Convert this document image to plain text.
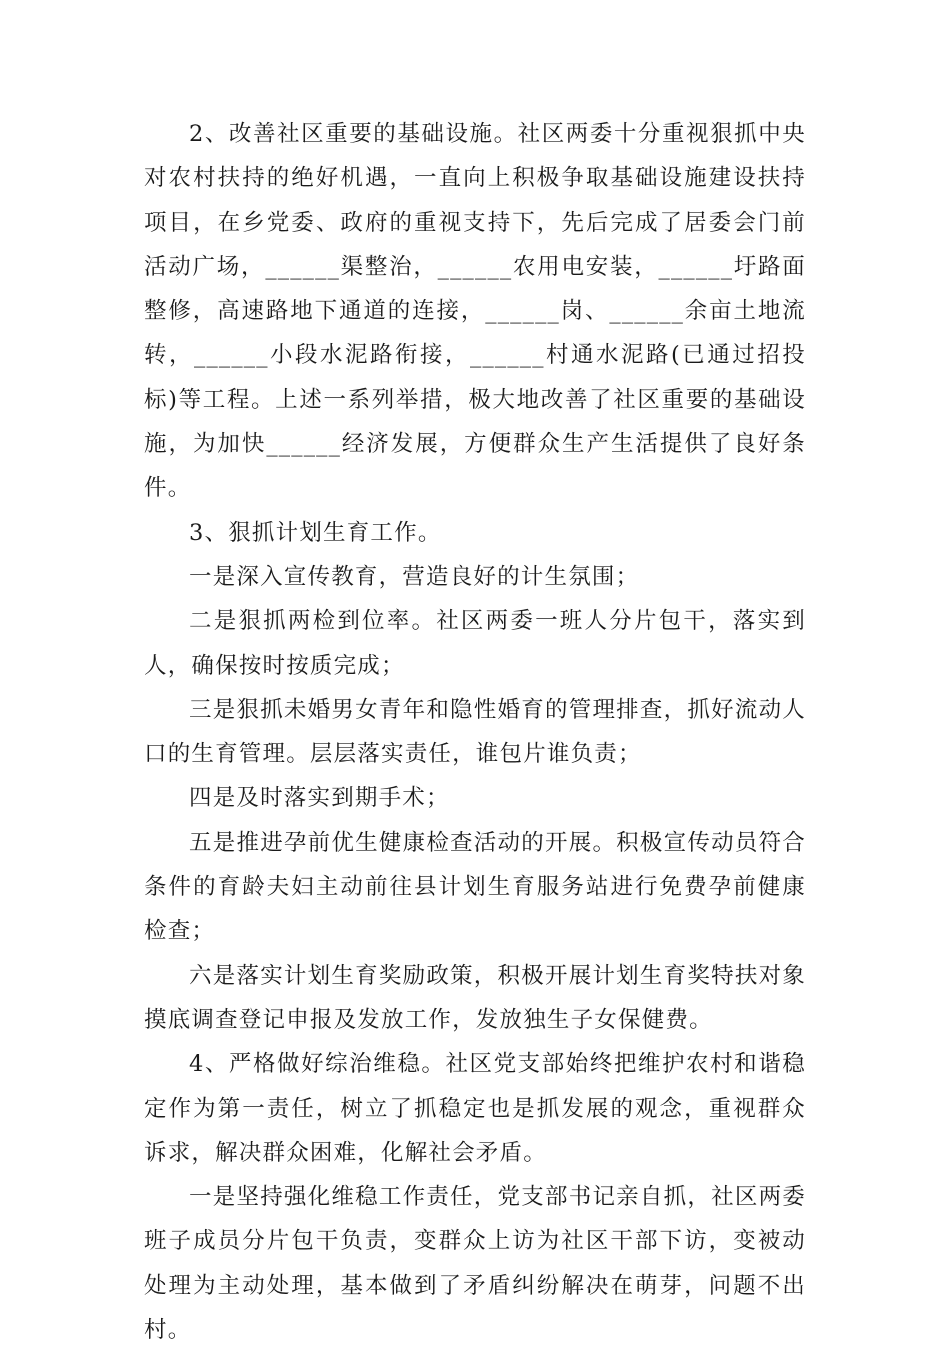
2、改善社区重要的基础设施。社区两委十分重视狠抓中央对农村扶持的绝好机遇，一直向上积极争取基础设施建设扶持项目，在乡党委、政府的重视支持下，先后完成了居委会门前活动广场，______渠整治，______农用电安装，______圩路面整修，高速路地下通道的连接，______岗、______余亩土地流转，______小段水泥路衔接，______村通水泥路(已通过招投标)等工程。上述一系列举措，极大地改善了社区重要的基础设施，为加快______经济发展，方便群众生产生活提供了良好条件。

3、狠抓计划生育工作。

一是深入宣传教育，营造良好的计生氛围；

二是狠抓两检到位率。社区两委一班人分片包干，落实到人，确保按时按质完成；

三是狠抓未婚男女青年和隐性婚育的管理排查，抓好流动人口的生育管理。层层落实责任，谁包片谁负责；

四是及时落实到期手术；

五是推进孕前优生健康检查活动的开展。积极宣传动员符合条件的育龄夫妇主动前往县计划生育服务站进行免费孕前健康检查；

六是落实计划生育奖励政策，积极开展计划生育奖特扶对象摸底调查登记申报及发放工作，发放独生子女保健费。

4、严格做好综治维稳。社区党支部始终把维护农村和谐稳定作为第一责任，树立了抓稳定也是抓发展的观念，重视群众诉求，解决群众困难，化解社会矛盾。

一是坚持强化维稳工作责任，党支部书记亲自抓，社区两委班子成员分片包干负责，变群众上访为社区干部下访，变被动处理为主动处理，基本做到了矛盾纠纷解决在萌芽，问题不出村。
